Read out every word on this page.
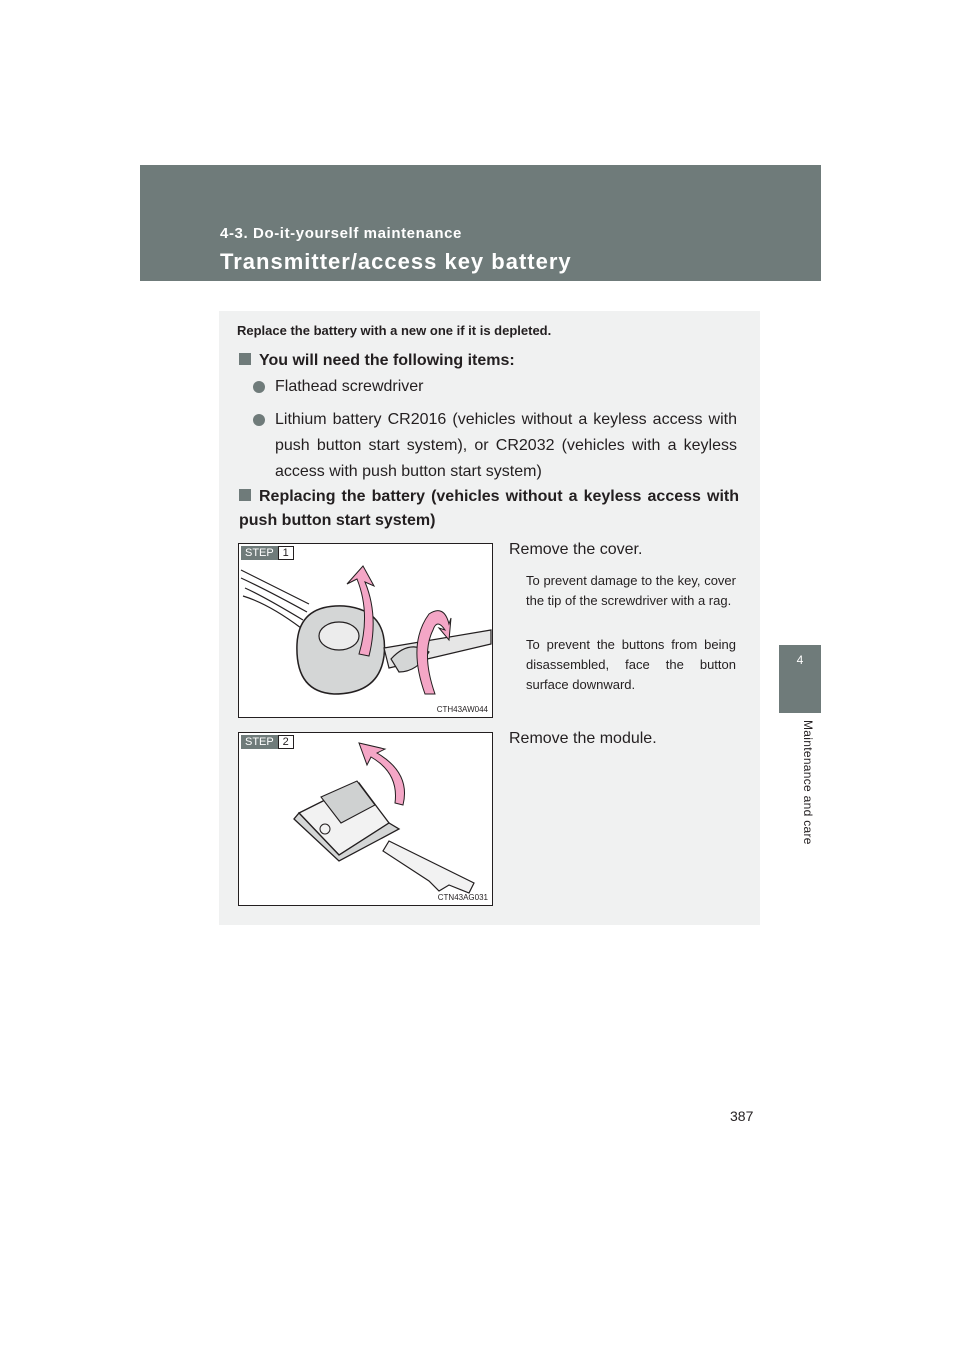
4-3. Do-it-yourself maintenance
Transmitter/access key battery
4
Maintenance and care
Replace the battery with a new one if it is depleted.
You will need the following items:
Flathead screwdriver
Lithium battery CR2016 (vehicles without a keyless access with push button start system), or CR2032 (vehicles with a keyless access with push button start system)
Replacing the battery (vehicles without a keyless access with push button start system)
STEP 1
CTH43AW044
Remove the cover.
To prevent damage to the key, cover the tip of the screwdriver with a rag.
To prevent the buttons from being disassembled, face the button surface downward.
STEP 2
CTN43AG031
Remove the module.
387
